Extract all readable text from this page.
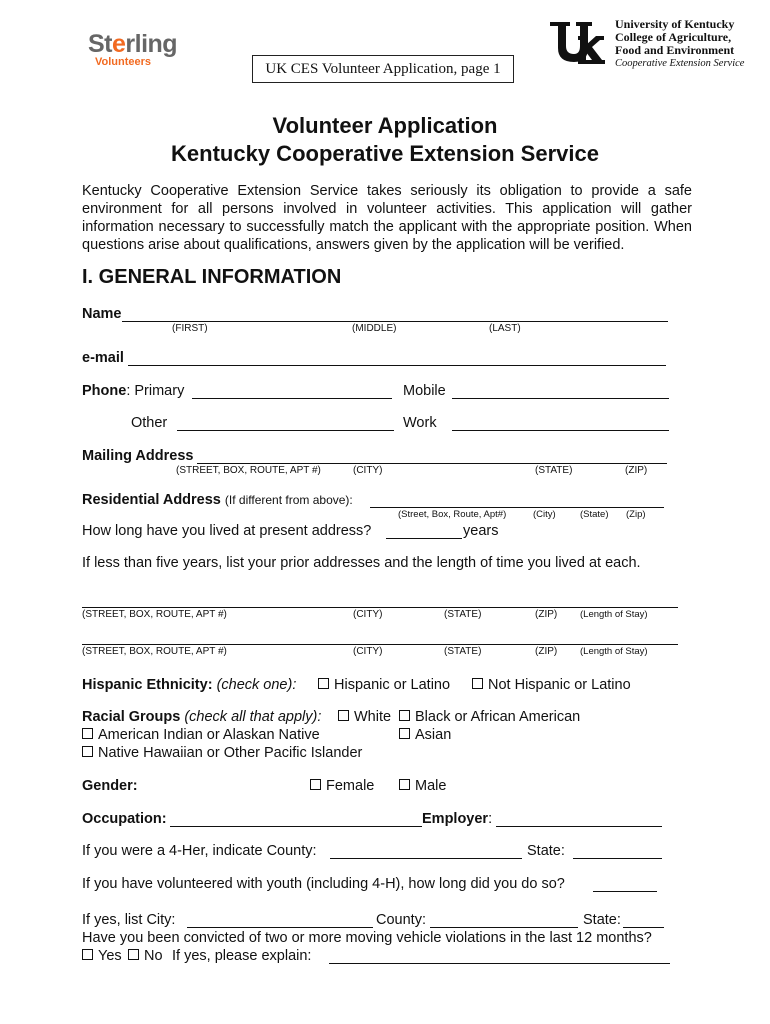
Sterling
Volunteers	UK CES Volunteer Application, page 1	UK
University of Kentucky
College of Agriculture,
Food and Environment
Cooperative Extension Service
Volunteer Application
Kentucky Cooperative Extension Service
Kentucky Cooperative Extension Service takes seriously its obligation to provide a safe environment for all persons involved in volunteer activities. This application will gather information necessary to successfully match the applicant with the appropriate position. When questions arise about qualifications, answers given by the application will be verified.
I. GENERAL INFORMATION
Name
(FIRST)	(MIDDLE)	(LAST)
e-mail
Phone: Primary	Mobile
Other	Work
Mailing Address
(STREET, BOX, ROUTE, APT #)	(CITY)	(STATE)	(ZIP)
Residential Address (If different from above):
(Street, Box, Route, Apt#)	(City)	(State) (Zip)
How long have you lived at present address?	years
If less than five years, list your prior addresses and the length of time you lived at each.
(STREET, BOX, ROUTE, APT #)	(CITY)	(STATE)	(ZIP) (Length of Stay)
(STREET, BOX, ROUTE, APT #)	(CITY)	(STATE)	(ZIP) (Length of Stay)
Hispanic Ethnicity: (check one):	Hispanic or Latino	Not Hispanic or Latino
Racial Groups (check all that apply):	White	Black or African American
American Indian or Alaskan Native	Asian
Native Hawaiian or Other Pacific Islander
Gender:	Female	Male
Occupation:	Employer:
If you were a 4-Her, indicate County:	State:
If you have volunteered with youth (including 4-H), how long did you do so?
If yes, list City:	County:	State:
Have you been convicted of two or more moving vehicle violations in the last 12 months?
Yes	No If yes, please explain:
